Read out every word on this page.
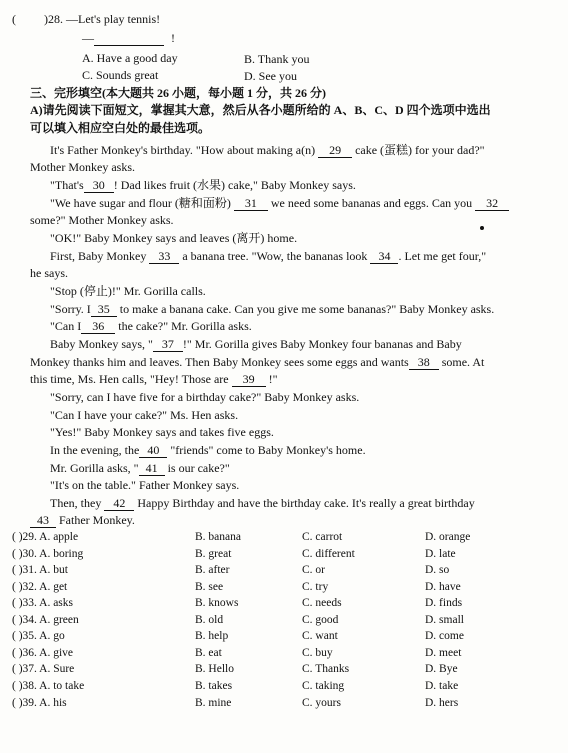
( )28. —Let's play tennis!
—	!
A. Have a good day	B. Thank you
C. Sounds great	D. See you
三、完形填空(本大题共 26 小题，每小题 1 分，共 26 分)
A)请先阅读下面短文，掌握其大意，然后从各小题所给的 A、B、C、D 四个选项中选出
可以填入相应空白处的最佳选项。
It's Father Monkey's birthday. "How about making a(n) 29 cake (蛋糕) for your dad?"
Mother Monkey asks.
"That's 30 ! Dad likes fruit (水果) cake," Baby Monkey says.
"We have sugar and flour (糖和面粉) 31 we need some bananas and eggs. Can you 32
some?" Mother Monkey asks.
"OK!" Baby Monkey says and leaves (离开) home.
First, Baby Monkey 33 a banana tree. "Wow, the bananas look 34 . Let me get four,"
he says.
"Stop (停止)!" Mr. Gorilla calls.
"Sorry. I 35 to make a banana cake. Can you give me some bananas?" Baby Monkey asks.
"Can I 36 the cake?" Mr. Gorilla asks.
Baby Monkey says, " 37 !" Mr. Gorilla gives Baby Monkey four bananas and Baby
Monkey thanks him and leaves. Then Baby Monkey sees some eggs and wants 38 some. At
this time, Ms. Hen calls, "Hey! Those are 39 !"
"Sorry, can I have five for a birthday cake?" Baby Monkey asks.
"Can I have your cake?" Ms. Hen asks.
"Yes!" Baby Monkey says and takes five eggs.
In the evening, the 40 "friends" come to Baby Monkey's home.
Mr. Gorilla asks, " 41 is our cake?"
"It's on the table." Father Monkey says.
Then, they 42 Happy Birthday and have the birthday cake. It's really a great birthday
43 Father Monkey.
( )29. A. apple	B. banana	C. carrot	D. orange
( )30. A. boring	B. great	C. different	D. late
( )31. A. but	B. after	C. or	D. so
( )32. A. get	B. see	C. try	D. have
( )33. A. asks	B. knows	C. needs	D. finds
( )34. A. green	B. old	C. good	D. small
( )35. A. go	B. help	C. want	D. come
( )36. A. give	B. eat	C. buy	D. meet
( )37. A. Sure	B. Hello	C. Thanks	D. Bye
( )38. A. to take	B. takes	C. taking	D. take
( )39. A. his	B. mine	C. yours	D. hers
